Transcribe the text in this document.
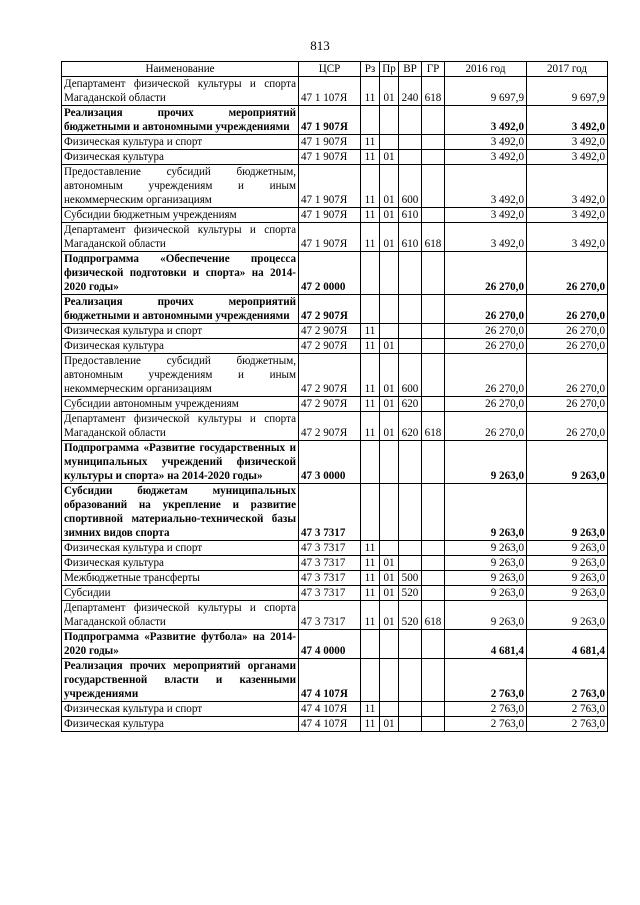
813
Наименование	ЦСР	Рз	Пр	ВР	ГР	2016 год	2017 год
Департамент физической культуры и спорта Магаданской области	47 1 107Я	11	01	240	618	9 697,9	9 697,9
Реализация прочих мероприятий бюджетными и автономными учреждениями	47 1 907Я					3 492,0	3 492,0
Физическая культура и спорт	47 1 907Я	11				3 492,0	3 492,0
Физическая культура	47 1 907Я	11	01			3 492,0	3 492,0
Предоставление субсидий бюджетным, автономным учреждениям и иным некоммерческим организациям	47 1 907Я	11	01	600		3 492,0	3 492,0
Субсидии бюджетным учреждениям	47 1 907Я	11	01	610		3 492,0	3 492,0
Департамент физической культуры и спорта Магаданской области	47 1 907Я	11	01	610	618	3 492,0	3 492,0
Подпрограмма «Обеспечение процесса физической подготовки и спорта» на 2014-2020 годы»	47 2 0000					26 270,0	26 270,0
Реализация прочих мероприятий бюджетными и автономными учреждениями	47 2 907Я					26 270,0	26 270,0
Физическая культура и спорт	47 2 907Я	11				26 270,0	26 270,0
Физическая культура	47 2 907Я	11	01			26 270,0	26 270,0
Предоставление субсидий бюджетным, автономным учреждениям и иным некоммерческим организациям	47 2 907Я	11	01	600		26 270,0	26 270,0
Субсидии автономным учреждениям	47 2 907Я	11	01	620		26 270,0	26 270,0
Департамент физической культуры и спорта Магаданской области	47 2 907Я	11	01	620	618	26 270,0	26 270,0
Подпрограмма «Развитие государственных и муниципальных учреждений физической культуры и спорта» на 2014-2020 годы»	47 3 0000					9 263,0	9 263,0
Субсидии бюджетам муниципальных образований на укрепление и развитие спортивной материально-технической базы зимних видов спорта	47 3 7317					9 263,0	9 263,0
Физическая культура и спорт	47 3 7317	11				9 263,0	9 263,0
Физическая культура	47 3 7317	11	01			9 263,0	9 263,0
Межбюджетные трансферты	47 3 7317	11	01	500		9 263,0	9 263,0
Субсидии	47 3 7317	11	01	520		9 263,0	9 263,0
Департамент физической культуры и спорта Магаданской области	47 3 7317	11	01	520	618	9 263,0	9 263,0
Подпрограмма «Развитие футбола» на 2014-2020 годы»	47 4 0000					4 681,4	4 681,4
Реализация прочих мероприятий органами государственной власти и казенными учреждениями	47 4 107Я					2 763,0	2 763,0
Физическая культура и спорт	47 4 107Я	11				2 763,0	2 763,0
Физическая культура	47 4 107Я	11	01			2 763,0	2 763,0
